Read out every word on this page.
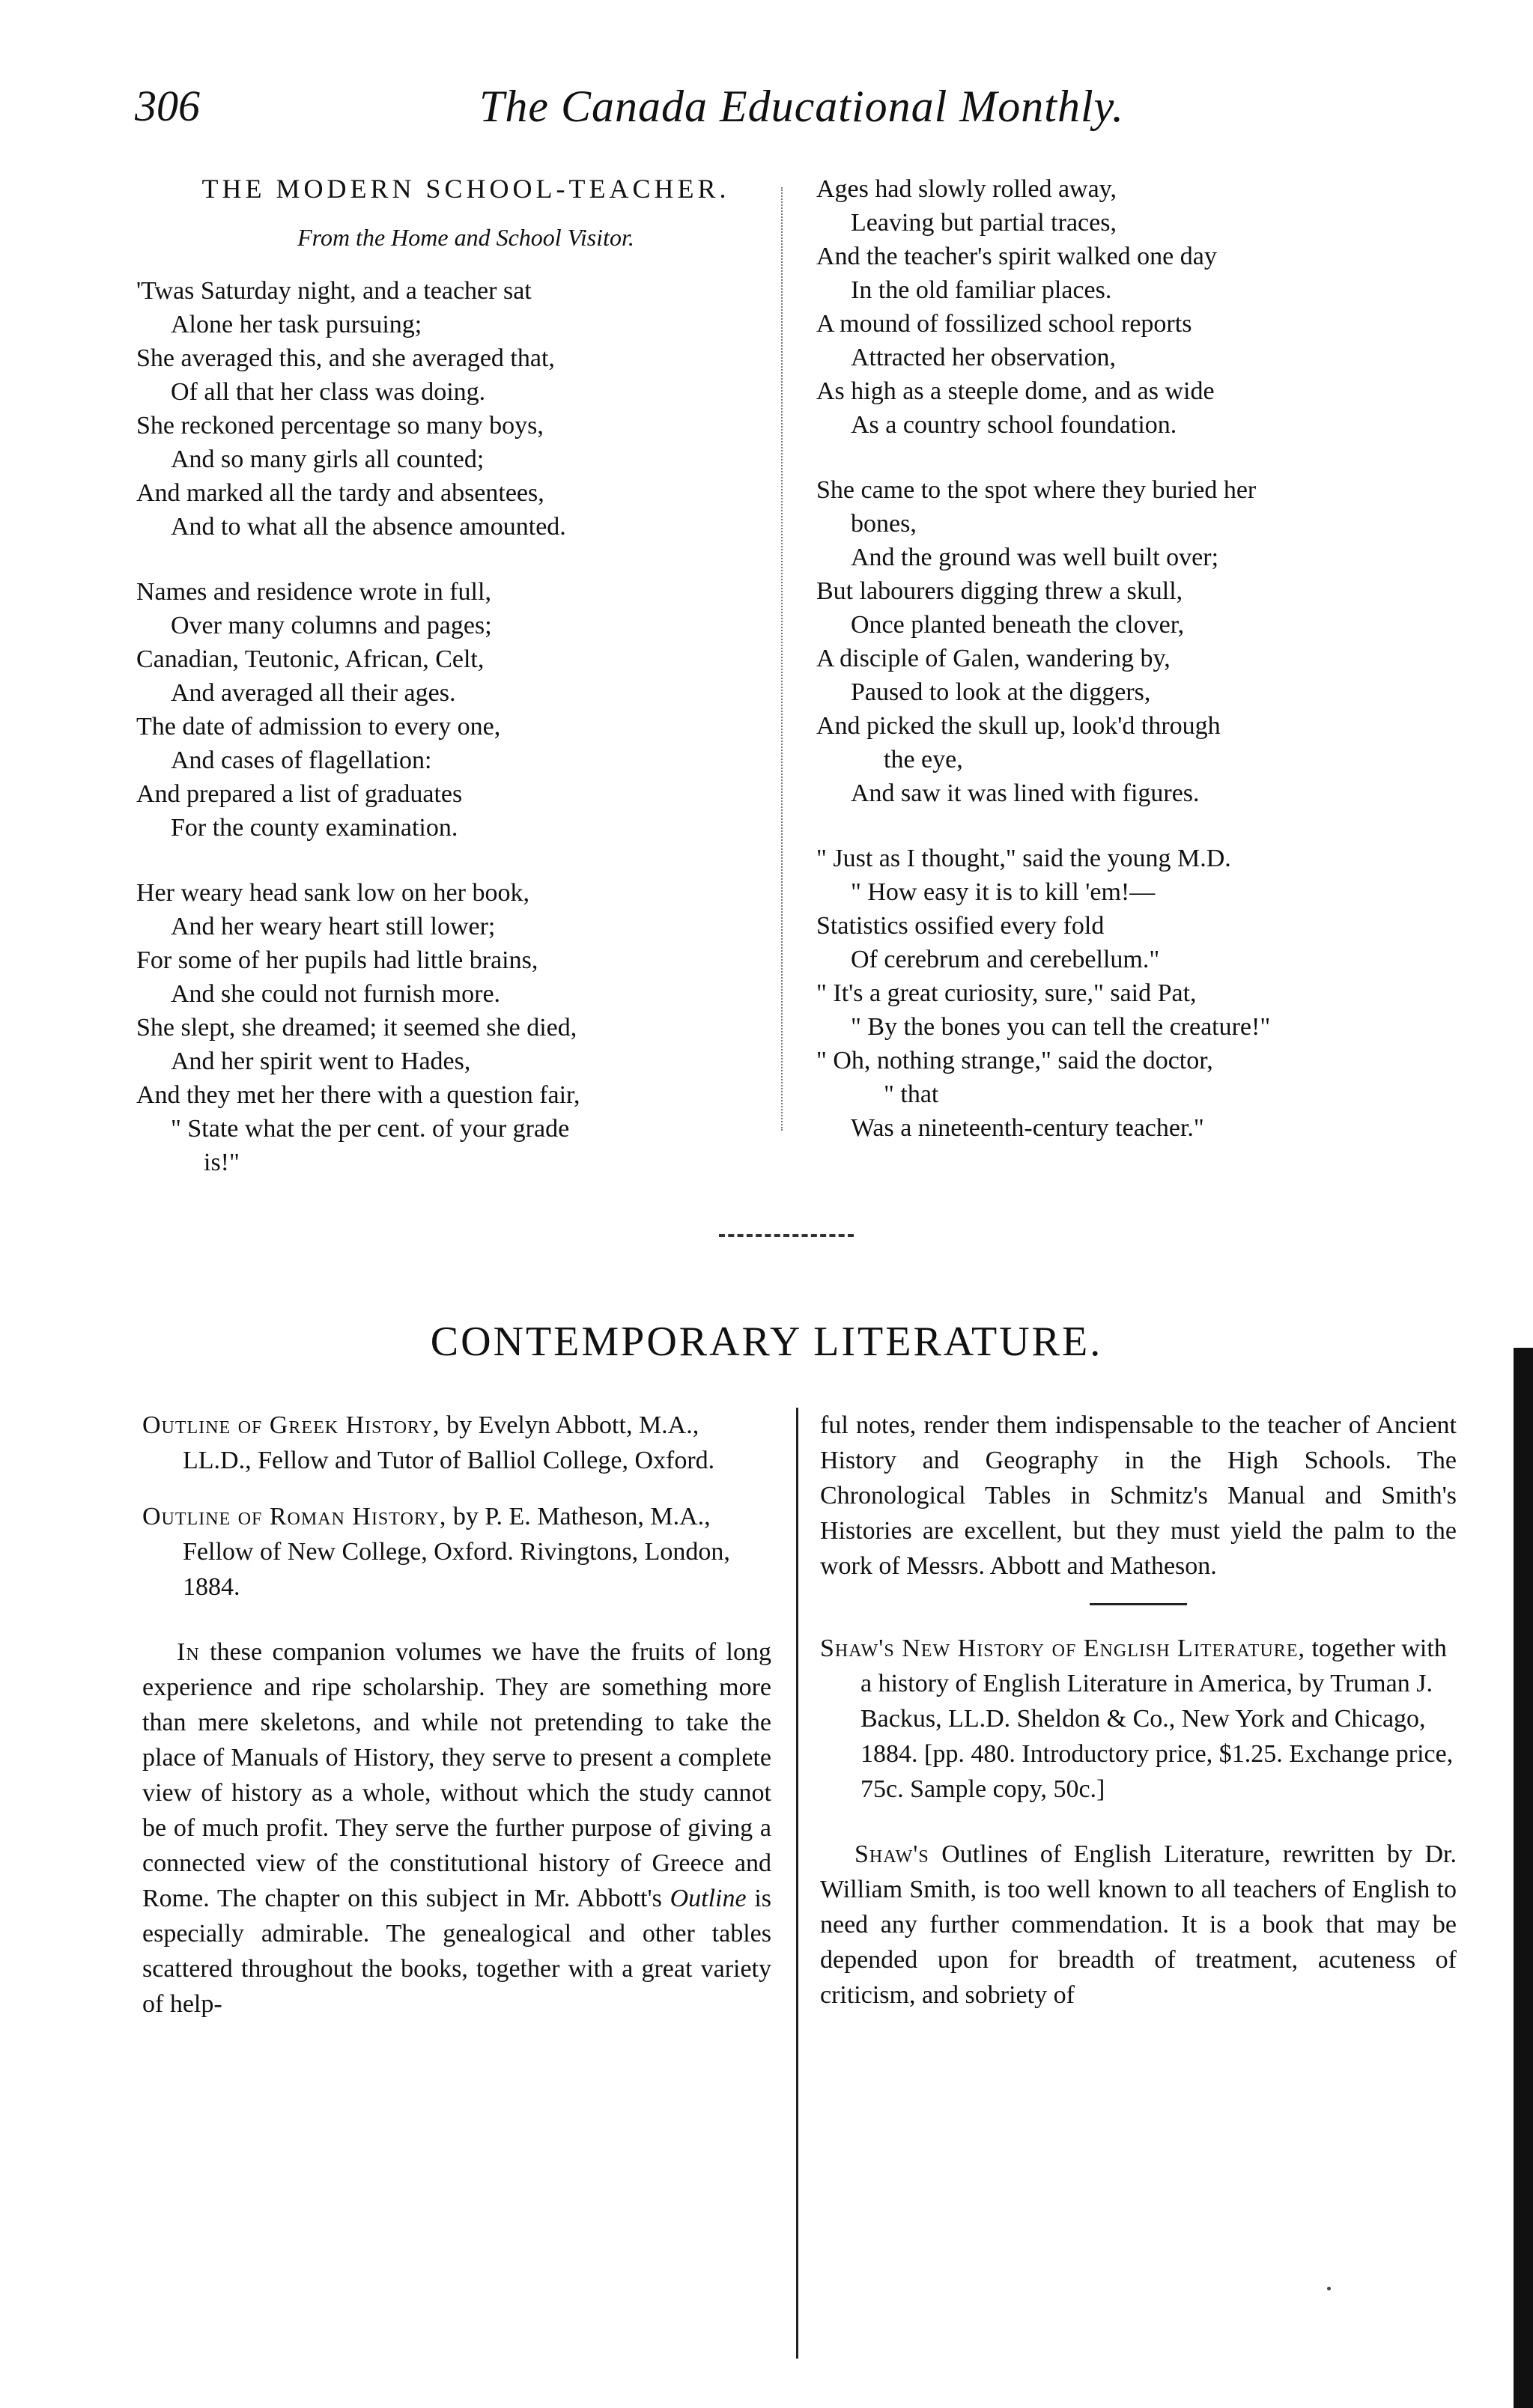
306	The Canada Educational Monthly.
THE MODERN SCHOOL-TEACHER.
From the Home and School Visitor.
'Twas Saturday night, and a teacher sat
Alone her task pursuing;
She averaged this, and she averaged that,
Of all that her class was doing.
She reckoned percentage so many boys,
And so many girls all counted;
And marked all the tardy and absentees,
And to what all the absence amounted.
Names and residence wrote in full,
Over many columns and pages;
Canadian, Teutonic, African, Celt,
And averaged all their ages.
The date of admission to every one,
And cases of flagellation:
And prepared a list of graduates
For the county examination.
Her weary head sank low on her book,
And her weary heart still lower;
For some of her pupils had little brains,
And she could not furnish more.
She slept, she dreamed; it seemed she died,
And her spirit went to Hades,
And they met her there with a question fair,
" State what the per cent. of your grade
is!"
Ages had slowly rolled away,
Leaving but partial traces,
And the teacher's spirit walked one day
In the old familiar places.
A mound of fossilized school reports
Attracted her observation,
As high as a steeple dome, and as wide
As a country school foundation.
She came to the spot where they buried her
bones,
And the ground was well built over;
But labourers digging threw a skull,
Once planted beneath the clover,
A disciple of Galen, wandering by,
Paused to look at the diggers,
And picked the skull up, look'd through
the eye,
And saw it was lined with figures.
" Just as I thought," said the young M.D.
" How easy it is to kill 'em!—
Statistics ossified every fold
Of cerebrum and cerebellum."
" It's a great curiosity, sure," said Pat,
" By the bones you can tell the creature!"
" Oh, nothing strange," said the doctor,
" that
Was a nineteenth-century teacher."
CONTEMPORARY LITERATURE.

Outline of Greek History, by Evelyn Abbott, M.A., LL.D., Fellow and Tutor of Balliol College, Oxford.

Outline of Roman History, by P. E. Matheson, M.A., Fellow of New College, Oxford. Rivingtons, London, 1884.

In these companion volumes we have the fruits of long experience and ripe scholarship. They are something more than mere skeletons, and while not pretending to take the place of Manuals of History, they serve to present a complete view of history as a whole, without which the study cannot be of much profit. They serve the further purpose of giving a connected view of the constitutional history of Greece and Rome. The chapter on this subject in Mr. Abbott's Outline is especially admirable. The genealogical and other tables scattered throughout the books, together with a great variety of help-

ful notes, render them indispensable to the teacher of Ancient History and Geography in the High Schools. The Chronological Tables in Schmitz's Manual and Smith's Histories are excellent, but they must yield the palm to the work of Messrs. Abbott and Matheson.

Shaw's New History of English Literature, together with a history of English Literature in America, by Truman J. Backus, LL.D. Sheldon & Co., New York and Chicago, 1884. [pp. 480. Introductory price, $1.25. Exchange price, 75c. Sample copy, 50c.]

Shaw's Outlines of English Literature, rewritten by Dr. William Smith, is too well known to all teachers of English to need any further commendation. It is a book that may be depended upon for breadth of treatment, acuteness of criticism, and sobriety of
